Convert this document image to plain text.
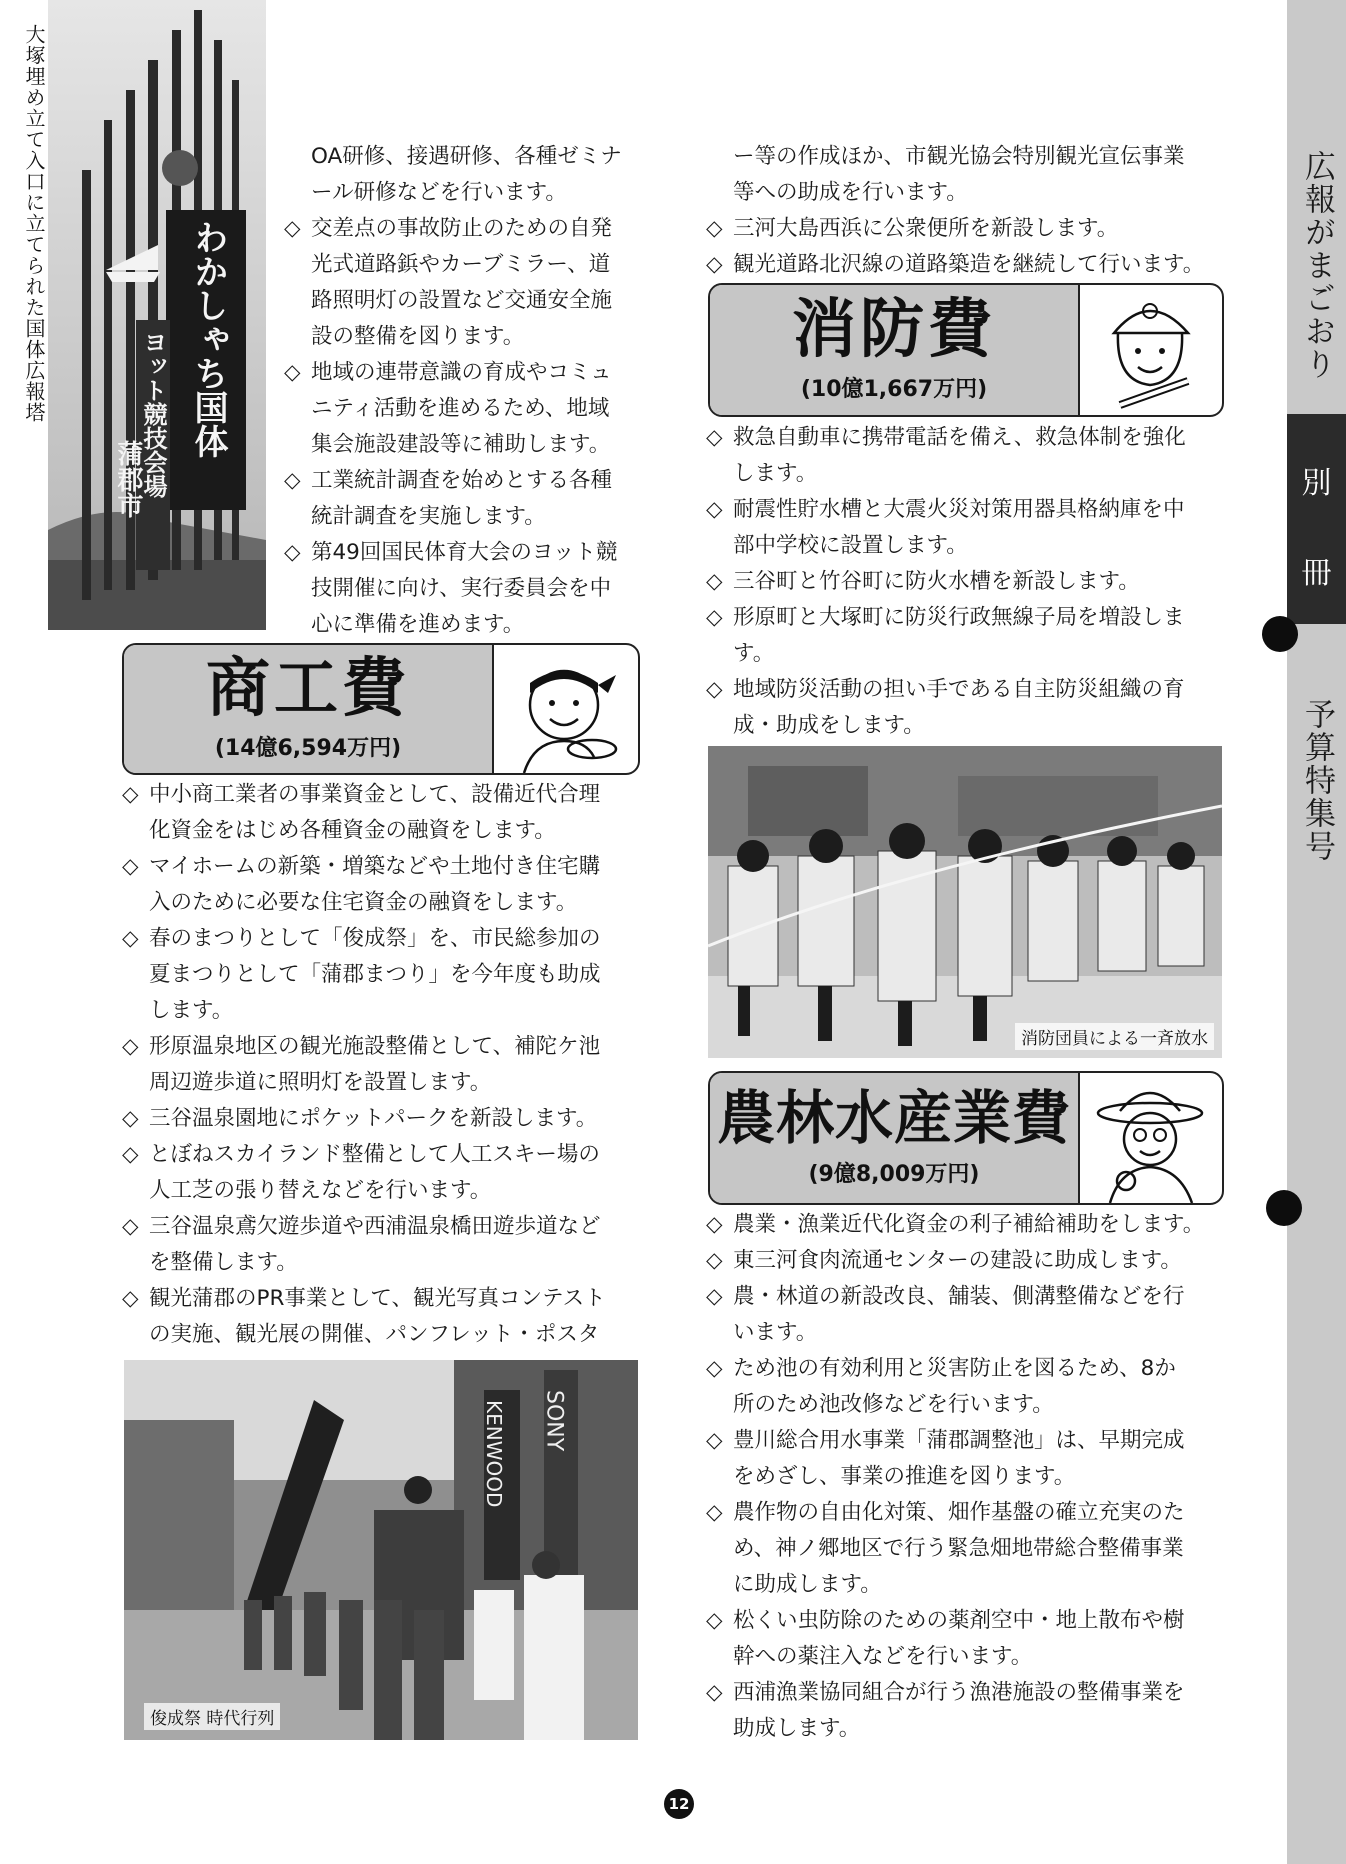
広報がまごおり
予算特集号
別
冊
大塚埋め立て入口に立てられた国体広報塔	わかしゃち国体
ヨット競技会場
蒲郡市

OA研修、接遇研修、各種ゼミナ

ール研修などを行います。

◇ 交差点の事故防止のための自発

光式道路鋲やカーブミラー、道

路照明灯の設置など交通安全施

設の整備を図ります。

◇ 地域の連帯意識の育成やコミュ

ニティ活動を進めるため、地域

集会施設建設等に補助します。

◇ 工業統計調査を始めとする各種

統計調査を実施します。

◇ 第49回国民体育大会のヨット競

技開催に向け、実行委員会を中

心に準備を進めます。

商工費
(14億6,594万円)

◇ 中小商工業者の事業資金として、設備近代合理

化資金をはじめ各種資金の融資をします。

◇ マイホームの新築・増築などや土地付き住宅購

入のために必要な住宅資金の融資をします。

◇ 春のまつりとして「俊成祭」を、市民総参加の

夏まつりとして「蒲郡まつり」を今年度も助成

します。

◇ 形原温泉地区の観光施設整備として、補陀ケ池

周辺遊歩道に照明灯を設置します。

◇ 三谷温泉園地にポケットパークを新設します。

◇ とぼねスカイランド整備として人工スキー場の

人工芝の張り替えなどを行います。

◇ 三谷温泉鳶欠遊歩道や西浦温泉橋田遊歩道など

を整備します。

◇ 観光蒲郡のPR事業として、観光写真コンテスト

の実施、観光展の開催、パンフレット・ポスタ

KENWOOD SONY
俊成祭 時代行列

ー等の作成ほか、市観光協会特別観光宣伝事業

等への助成を行います。

◇ 三河大島西浜に公衆便所を新設します。

◇ 観光道路北沢線の道路築造を継続して行います。

消防費
(10億1,667万円)

◇ 救急自動車に携帯電話を備え、救急体制を強化

します。

◇ 耐震性貯水槽と大震火災対策用器具格納庫を中

部中学校に設置します。

◇ 三谷町と竹谷町に防火水槽を新設します。

◇ 形原町と大塚町に防災行政無線子局を増設しま

す。

◇ 地域防災活動の担い手である自主防災組織の育

成・助成をします。

消防団員による一斉放水
農林水産業費
(9億8,009万円)

◇ 農業・漁業近代化資金の利子補給補助をします。

◇ 東三河食肉流通センターの建設に助成します。

◇ 農・林道の新設改良、舗装、側溝整備などを行

います。

◇ ため池の有効利用と災害防止を図るため、8か

所のため池改修などを行います。

◇ 豊川総合用水事業「蒲郡調整池」は、早期完成

をめざし、事業の推進を図ります。

◇ 農作物の自由化対策、畑作基盤の確立充実のた

め、神ノ郷地区で行う緊急畑地帯総合整備事業

に助成します。

◇ 松くい虫防除のための薬剤空中・地上散布や樹

幹への薬注入などを行います。

◇ 西浦漁業協同組合が行う漁港施設の整備事業を

助成します。

12
